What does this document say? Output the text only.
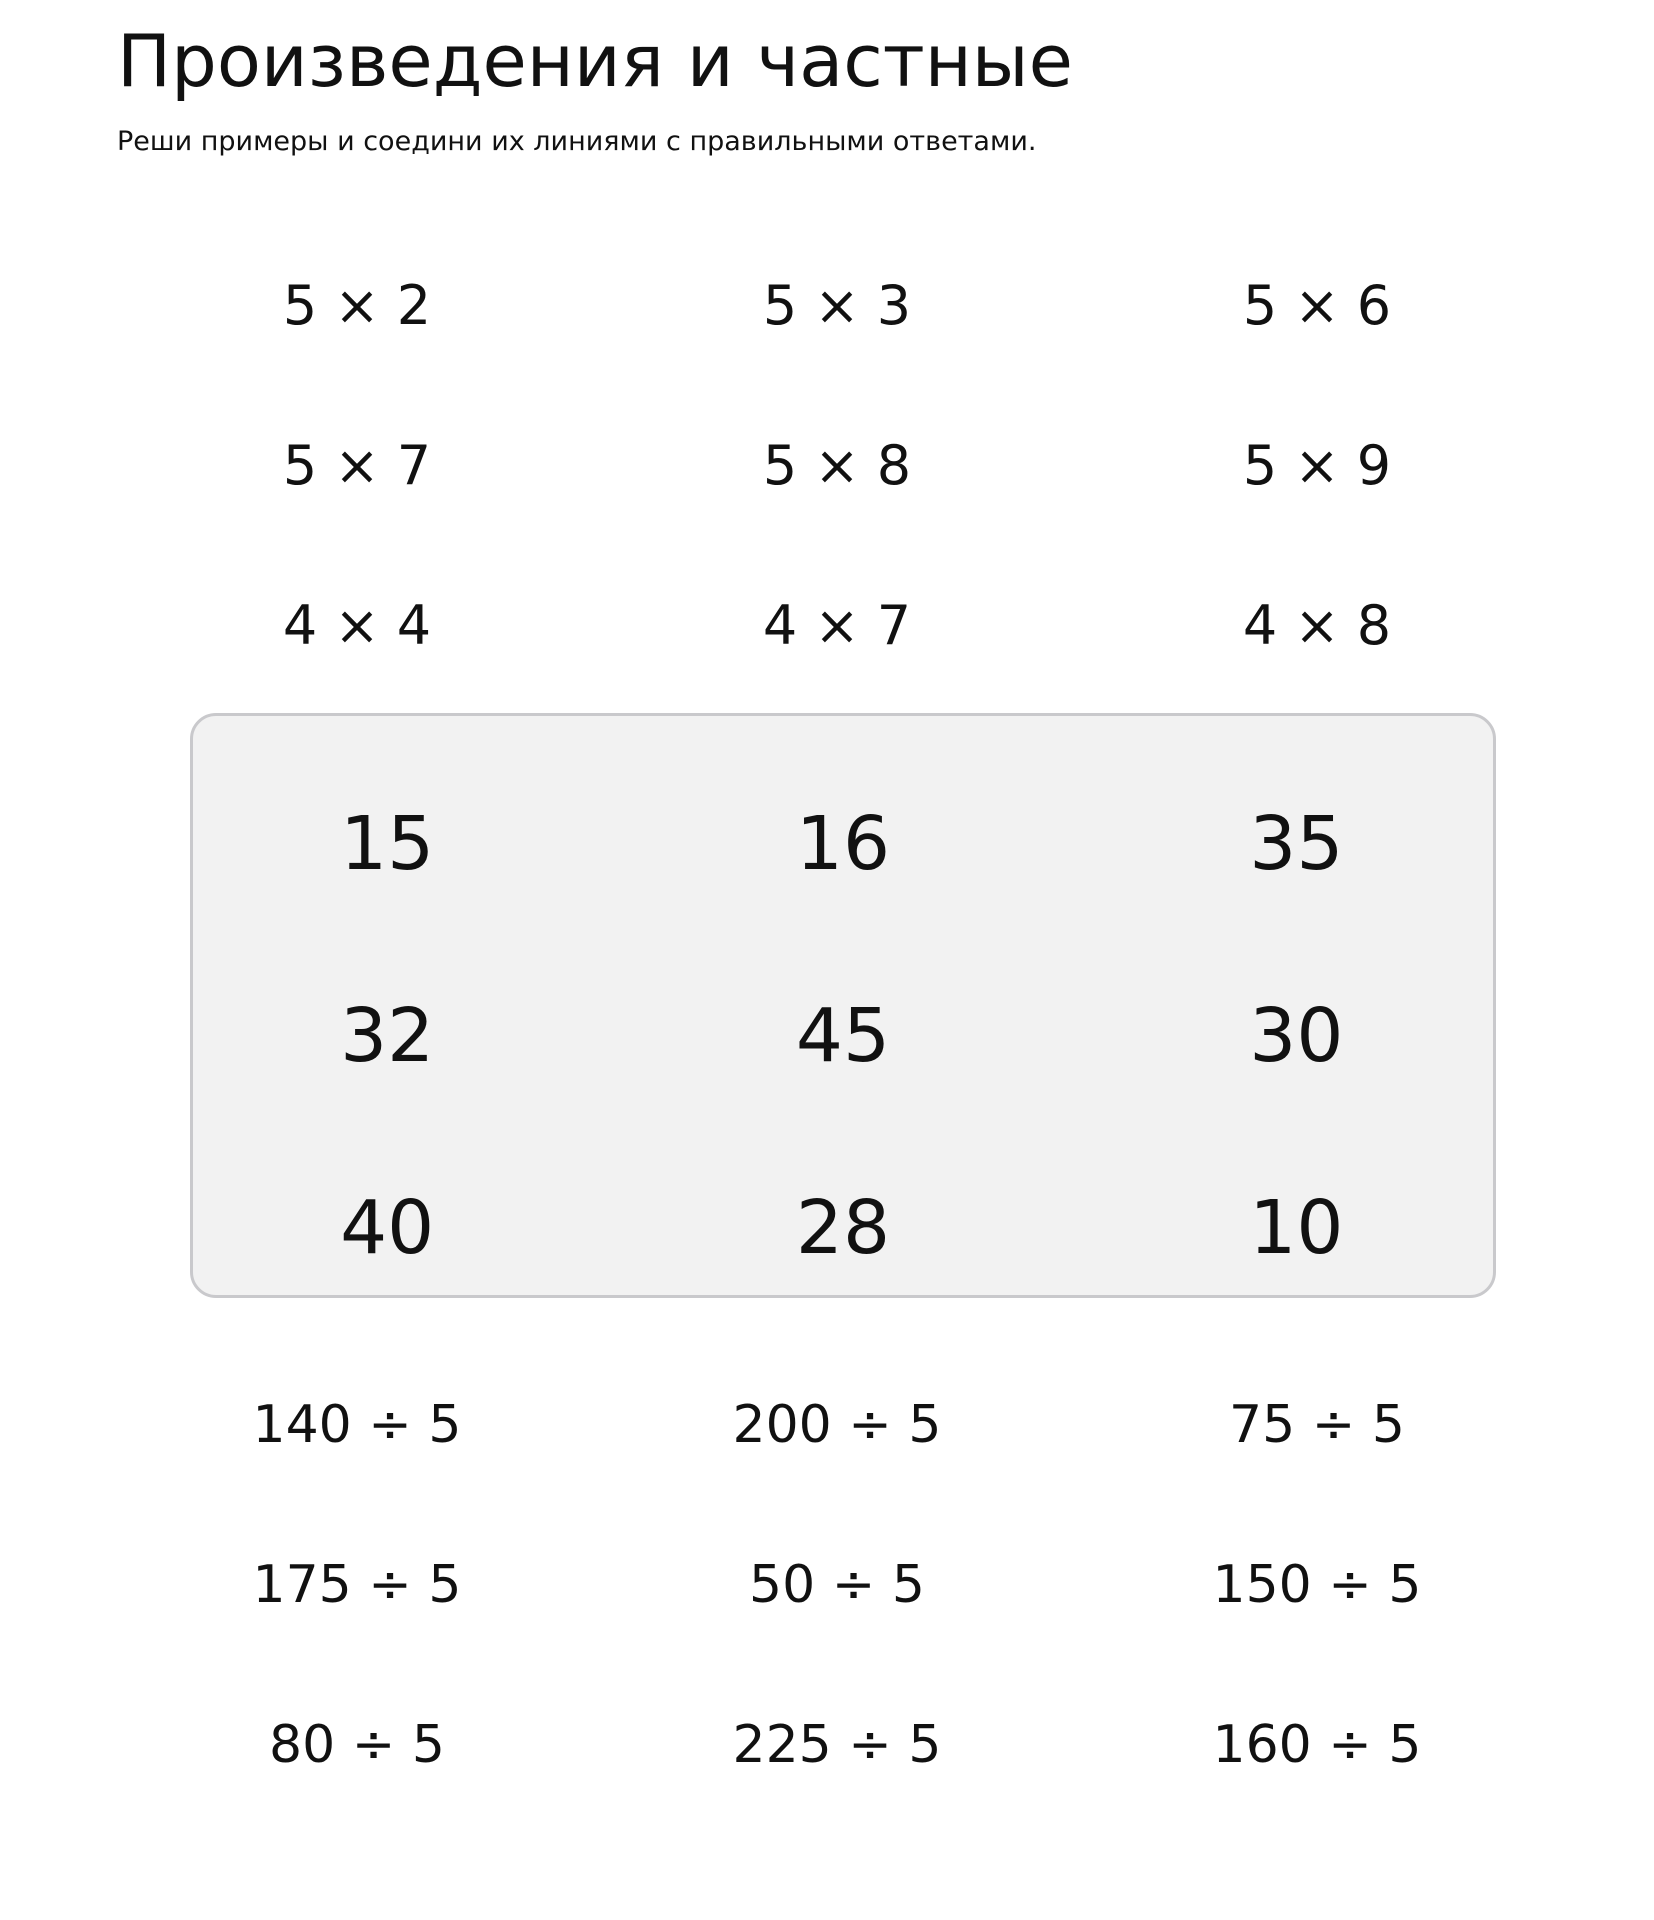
Произведения и частные

Реши примеры и соедини их линиями с правильными ответами.

5 × 2	5 × 3	5 × 6
5 × 7	5 × 8	5 × 9
4 × 4	4 × 7	4 × 8
15	16	35
32	45	30
40	28	10
140 ÷ 5	200 ÷ 5	75 ÷ 5
175 ÷ 5	50 ÷ 5	150 ÷ 5
80 ÷ 5	225 ÷ 5	160 ÷ 5
